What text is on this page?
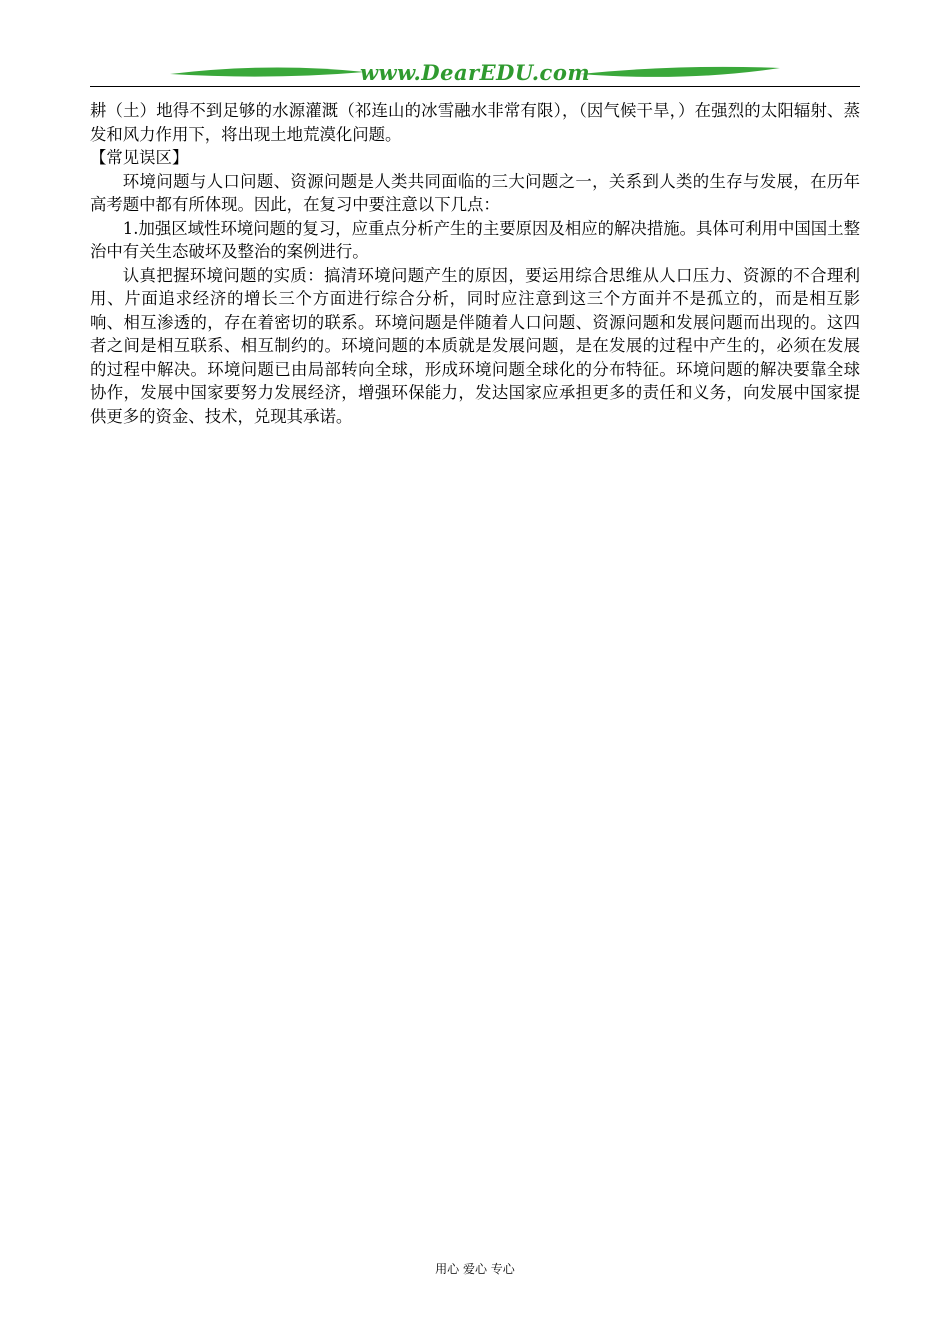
www.DearEDU.com

耕（土）地得不到足够的水源灌溉（祁连山的冰雪融水非常有限），（因气候干旱，）在强烈的太阳辐射、蒸发和风力作用下，将出现土地荒漠化问题。

【常见误区】

环境问题与人口问题、资源问题是人类共同面临的三大问题之一，关系到人类的生存与发展，在历年高考题中都有所体现。因此，在复习中要注意以下几点：

1.加强区域性环境问题的复习，应重点分析产生的主要原因及相应的解决措施。具体可利用中国国土整治中有关生态破坏及整治的案例进行。

认真把握环境问题的实质：搞清环境问题产生的原因，要运用综合思维从人口压力、资源的不合理利用、片面追求经济的增长三个方面进行综合分析，同时应注意到这三个方面并不是孤立的，而是相互影响、相互渗透的，存在着密切的联系。环境问题是伴随着人口问题、资源问题和发展问题而出现的。这四者之间是相互联系、相互制约的。环境问题的本质就是发展问题，是在发展的过程中产生的，必须在发展的过程中解决。环境问题已由局部转向全球，形成环境问题全球化的分布特征。环境问题的解决要靠全球协作，发展中国家要努力发展经济，增强环保能力，发达国家应承担更多的责任和义务，向发展中国家提供更多的资金、技术，兑现其承诺。

用心 爱心 专心
